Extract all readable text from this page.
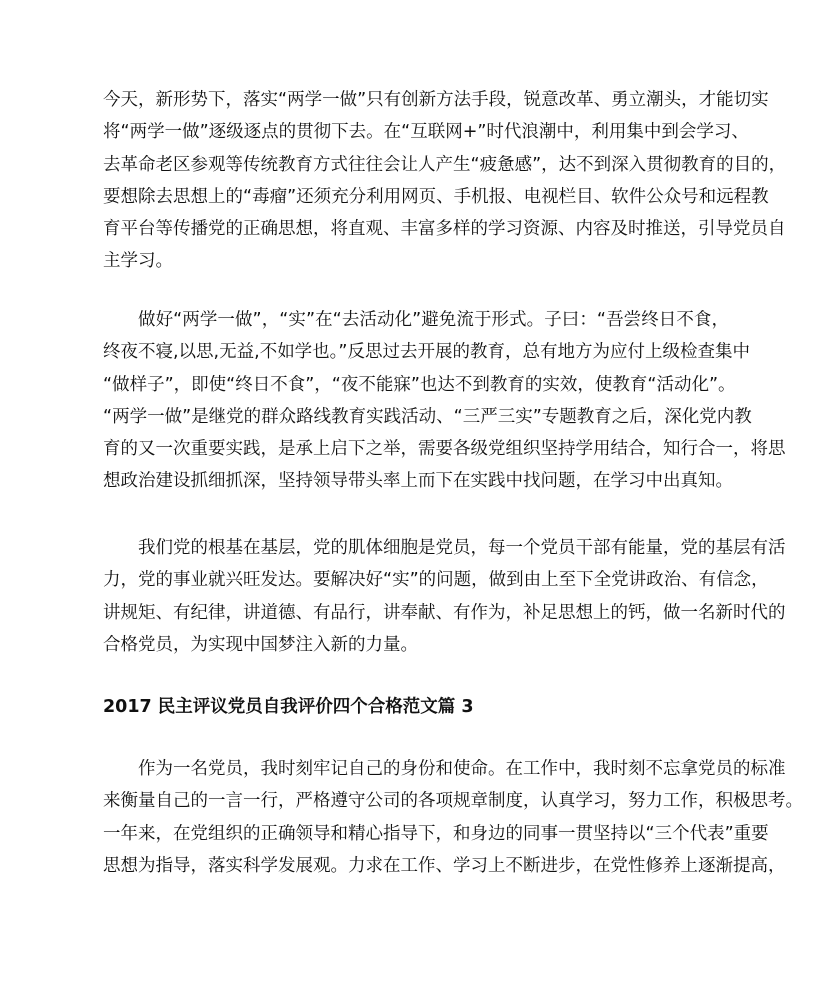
今天，新形势下，落实“两学一做”只有创新方法手段，锐意改革、勇立潮头，才能切实
将“两学一做”逐级逐点的贯彻下去。在“互联网+”时代浪潮中，利用集中到会学习、
去革命老区参观等传统教育方式往往会让人产生“疲惫感”，达不到深入贯彻教育的目的，
要想除去思想上的“毒瘤”还须充分利用网页、手机报、电视栏目、软件公众号和远程教
育平台等传播党的正确思想，将直观、丰富多样的学习资源、内容及时推送，引导党员自
主学习。
做好“两学一做”，“实”在“去活动化”避免流于形式。子曰：“吾尝终日不食，
终夜不寝,以思,无益,不如学也。”反思过去开展的教育，总有地方为应付上级检查集中
“做样子”，即使“终日不食”，“夜不能寐”也达不到教育的实效，使教育“活动化”。
“两学一做”是继党的群众路线教育实践活动、“三严三实”专题教育之后，深化党内教
育的又一次重要实践，是承上启下之举，需要各级党组织坚持学用结合，知行合一，将思
想政治建设抓细抓深，坚持领导带头率上而下在实践中找问题，在学习中出真知。
我们党的根基在基层，党的肌体细胞是党员，每一个党员干部有能量，党的基层有活
力，党的事业就兴旺发达。要解决好“实”的问题，做到由上至下全党讲政治、有信念，
讲规矩、有纪律，讲道德、有品行，讲奉献、有作为，补足思想上的钙，做一名新时代的
合格党员，为实现中国梦注入新的力量。
2017 民主评议党员自我评价四个合格范文篇 3
作为一名党员，我时刻牢记自己的身份和使命。在工作中，我时刻不忘拿党员的标准
来衡量自己的一言一行，严格遵守公司的各项规章制度，认真学习，努力工作，积极思考。
一年来，在党组织的正确领导和精心指导下，和身边的同事一贯坚持以“三个代表”重要
思想为指导，落实科学发展观。力求在工作、学习上不断进步，在党性修养上逐渐提高，
